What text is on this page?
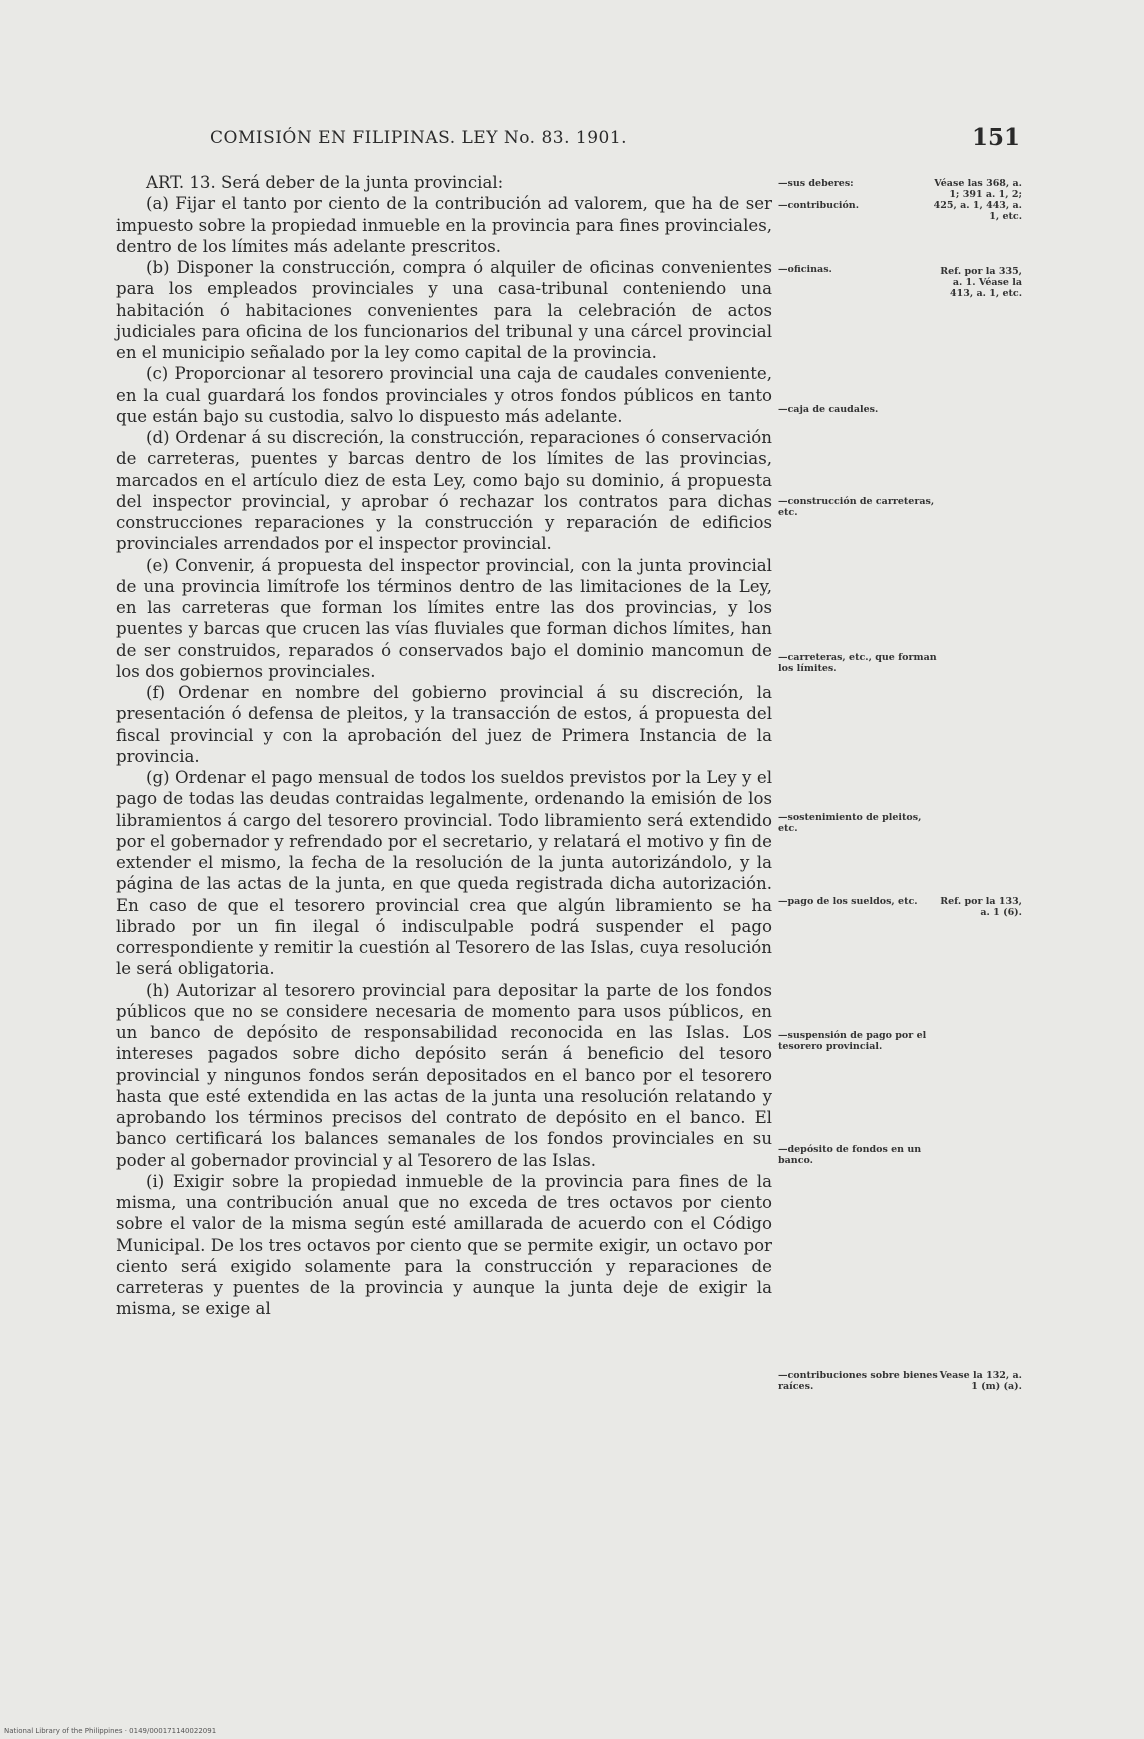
COMISIÓN EN FILIPINAS. LEY No. 83. 1901.	151
ART. 13. Será deber de la junta provincial:

(a) Fijar el tanto por ciento de la contribución ad valorem, que ha de ser impuesto sobre la propiedad inmueble en la provincia para fines provinciales, dentro de los límites más adelante prescritos.

(b) Disponer la construcción, compra ó alquiler de oficinas convenientes para los empleados provinciales y una casa-tribunal conteniendo una habitación ó habitaciones convenientes para la celebración de actos judiciales para oficina de los funcionarios del tribunal y una cárcel provincial en el municipio señalado por la ley como capital de la provincia.

(c) Proporcionar al tesorero provincial una caja de caudales conveniente, en la cual guardará los fondos provinciales y otros fondos públicos en tanto que están bajo su custodia, salvo lo dispuesto más adelante.

(d) Ordenar á su discreción, la construcción, reparaciones ó conservación de carreteras, puentes y barcas dentro de los límites de las provincias, marcados en el artículo diez de esta Ley, como bajo su dominio, á propuesta del inspector provincial, y aprobar ó rechazar los contratos para dichas construcciones reparaciones y la construcción y reparación de edificios provinciales arrendados por el inspector provincial.

(e) Convenir, á propuesta del inspector provincial, con la junta provincial de una provincia limítrofe los términos dentro de las limitaciones de la Ley, en las carreteras que forman los límites entre las dos provincias, y los puentes y barcas que crucen las vías fluviales que forman dichos límites, han de ser construidos, reparados ó conservados bajo el dominio mancomun de los dos gobiernos provinciales.

(f) Ordenar en nombre del gobierno provincial á su discreción, la presentación ó defensa de pleitos, y la transacción de estos, á propuesta del fiscal provincial y con la aprobación del juez de Primera Instancia de la provincia.

(g) Ordenar el pago mensual de todos los sueldos previstos por la Ley y el pago de todas las deudas contraidas legalmente, ordenando la emisión de los libramientos á cargo del tesorero provincial. Todo libramiento será extendido por el gobernador y refrendado por el secretario, y relatará el motivo y fin de extender el mismo, la fecha de la resolución de la junta autorizándolo, y la página de las actas de la junta, en que queda registrada dicha autorización. En caso de que el tesorero provincial crea que algún libramiento se ha librado por un fin ilegal ó indisculpable podrá suspender el pago correspondiente y remitir la cuestión al Tesorero de las Islas, cuya resolución le será obligatoria.

(h) Autorizar al tesorero provincial para depositar la parte de los fondos públicos que no se considere necesaria de momento para usos públicos, en un banco de depósito de responsabilidad reconocida en las Islas. Los intereses pagados sobre dicho depósito serán á beneficio del tesoro provincial y ningunos fondos serán depositados en el banco por el tesorero hasta que esté extendida en las actas de la junta una resolución relatando y aprobando los términos precisos del contrato de depósito en el banco. El banco certificará los balances semanales de los fondos provinciales en su poder al gobernador provincial y al Tesorero de las Islas.

(i) Exigir sobre la propiedad inmueble de la provincia para fines de la misma, una contribución anual que no exceda de tres octavos por ciento sobre el valor de la misma según esté amillarada de acuerdo con el Código Municipal. De los tres octavos por ciento que se permite exigir, un octavo por ciento será exigido solamente para la construcción y reparaciones de carreteras y puentes de la provincia y aunque la junta deje de exigir la misma, se exige al

—sus deberes:
—contribución.
—oficinas.
—caja de caudales.
—construcción de carreteras, etc.
—carreteras, etc., que forman los límites.
—sostenimiento de pleitos, etc.
—pago de los sueldos, etc.
—suspensión de pago por el tesorero provincial.
—depósito de fondos en un banco.
—contribuciones sobre bienes raíces.
Véase las 368, a. 1; 391 a. 1, 2; 425, a. 1, 443, a. 1, etc.
Ref. por la 335, a. 1. Véase la 413, a. 1, etc.
Ref. por la 133, a. 1 (6).
Vease la 132, a. 1 (m) (a).
National Library of the Philippines · 0149/000171140022091
